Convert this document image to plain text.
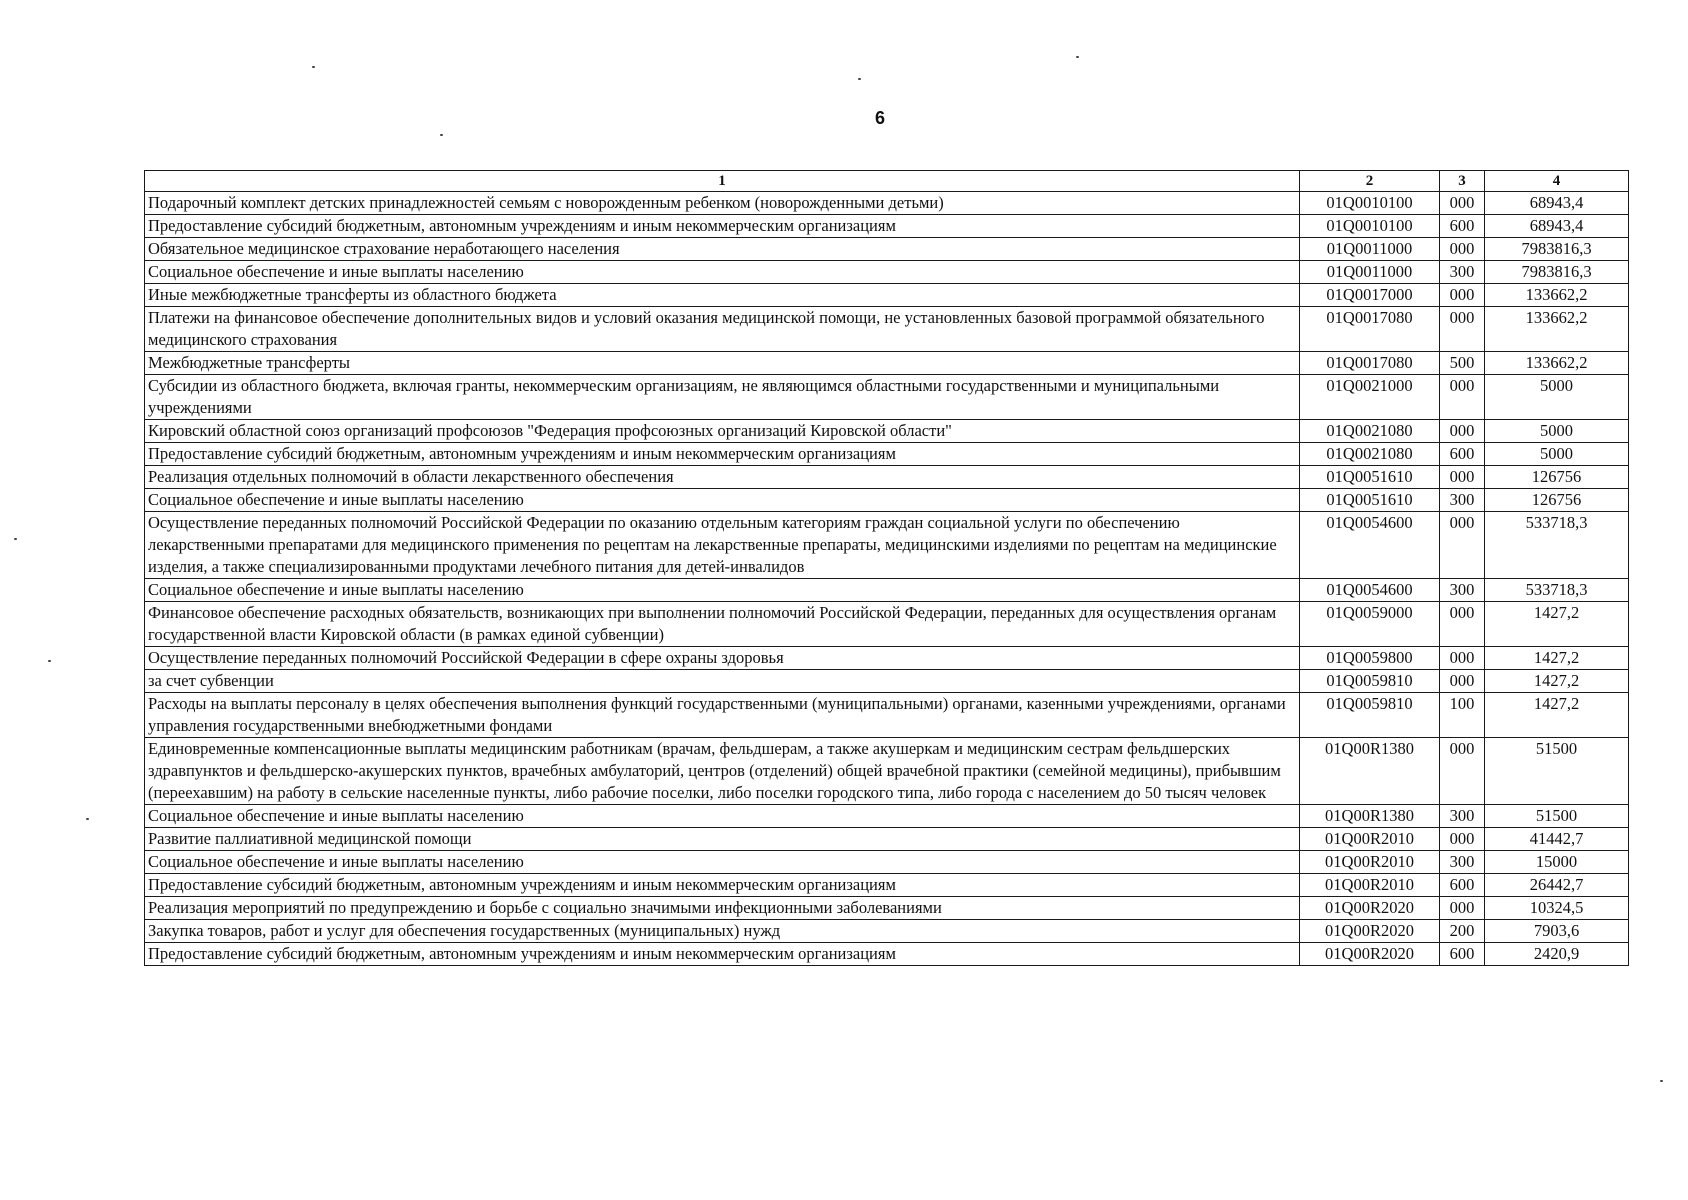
6
1	2	3	4
Подарочный комплект детских принадлежностей семьям с новорожденным ребенком (новорожденными детьми)	01Q0010100	000	68943,4
Предоставление субсидий бюджетным, автономным учреждениям и иным некоммерческим организациям	01Q0010100	600	68943,4
Обязательное медицинское страхование неработающего населения	01Q0011000	000	7983816,3
Социальное обеспечение и иные выплаты населению	01Q0011000	300	7983816,3
Иные межбюджетные трансферты из областного бюджета	01Q0017000	000	133662,2
Платежи на финансовое обеспечение дополнительных видов и условий оказания медицинской помощи, не установленных базовой программой обязательного медицинского страхования	01Q0017080	000	133662,2
Межбюджетные трансферты	01Q0017080	500	133662,2
Субсидии из областного бюджета, включая гранты, некоммерческим организациям, не являющимся областными государственными и муниципальными учреждениями	01Q0021000	000	5000
Кировский областной союз организаций профсоюзов "Федерация профсоюзных организаций Кировской области"	01Q0021080	000	5000
Предоставление субсидий бюджетным, автономным учреждениям и иным некоммерческим организациям	01Q0021080	600	5000
Реализация отдельных полномочий в области лекарственного обеспечения	01Q0051610	000	126756
Социальное обеспечение и иные выплаты населению	01Q0051610	300	126756
Осуществление переданных полномочий Российской Федерации по оказанию отдельным категориям граждан социальной услуги по обеспечению лекарственными препаратами для медицинского применения по рецептам на лекарственные препараты, медицинскими изделиями по рецептам на медицинские изделия, а также специализированными продуктами лечебного питания для детей-инвалидов	01Q0054600	000	533718,3
Социальное обеспечение и иные выплаты населению	01Q0054600	300	533718,3
Финансовое обеспечение расходных обязательств, возникающих при выполнении полномочий Российской Федерации, переданных для осуществления органам государственной власти Кировской области (в рамках единой субвенции)	01Q0059000	000	1427,2
Осуществление переданных полномочий Российской Федерации в сфере охраны здоровья	01Q0059800	000	1427,2
за счет субвенции	01Q0059810	000	1427,2
Расходы на выплаты персоналу в целях обеспечения выполнения функций государственными (муниципальными) органами, казенными учреждениями, органами управления государственными внебюджетными фондами	01Q0059810	100	1427,2
Единовременные компенсационные выплаты медицинским работникам (врачам, фельдшерам, а также акушеркам и медицинским сестрам фельдшерских здравпунктов и фельдшерско-акушерских пунктов, врачебных амбулаторий, центров (отделений) общей врачебной практики (семейной медицины), прибывшим (переехавшим) на работу в сельские населенные пункты, либо рабочие поселки, либо поселки городского типа, либо города с населением до 50 тысяч человек	01Q00R1380	000	51500
Социальное обеспечение и иные выплаты населению	01Q00R1380	300	51500
Развитие паллиативной медицинской помощи	01Q00R2010	000	41442,7
Социальное обеспечение и иные выплаты населению	01Q00R2010	300	15000
Предоставление субсидий бюджетным, автономным учреждениям и иным некоммерческим организациям	01Q00R2010	600	26442,7
Реализация мероприятий по предупреждению и борьбе с социально значимыми инфекционными заболеваниями	01Q00R2020	000	10324,5
Закупка товаров, работ и услуг для обеспечения государственных (муниципальных) нужд	01Q00R2020	200	7903,6
Предоставление субсидий бюджетным, автономным учреждениям и иным некоммерческим организациям	01Q00R2020	600	2420,9
